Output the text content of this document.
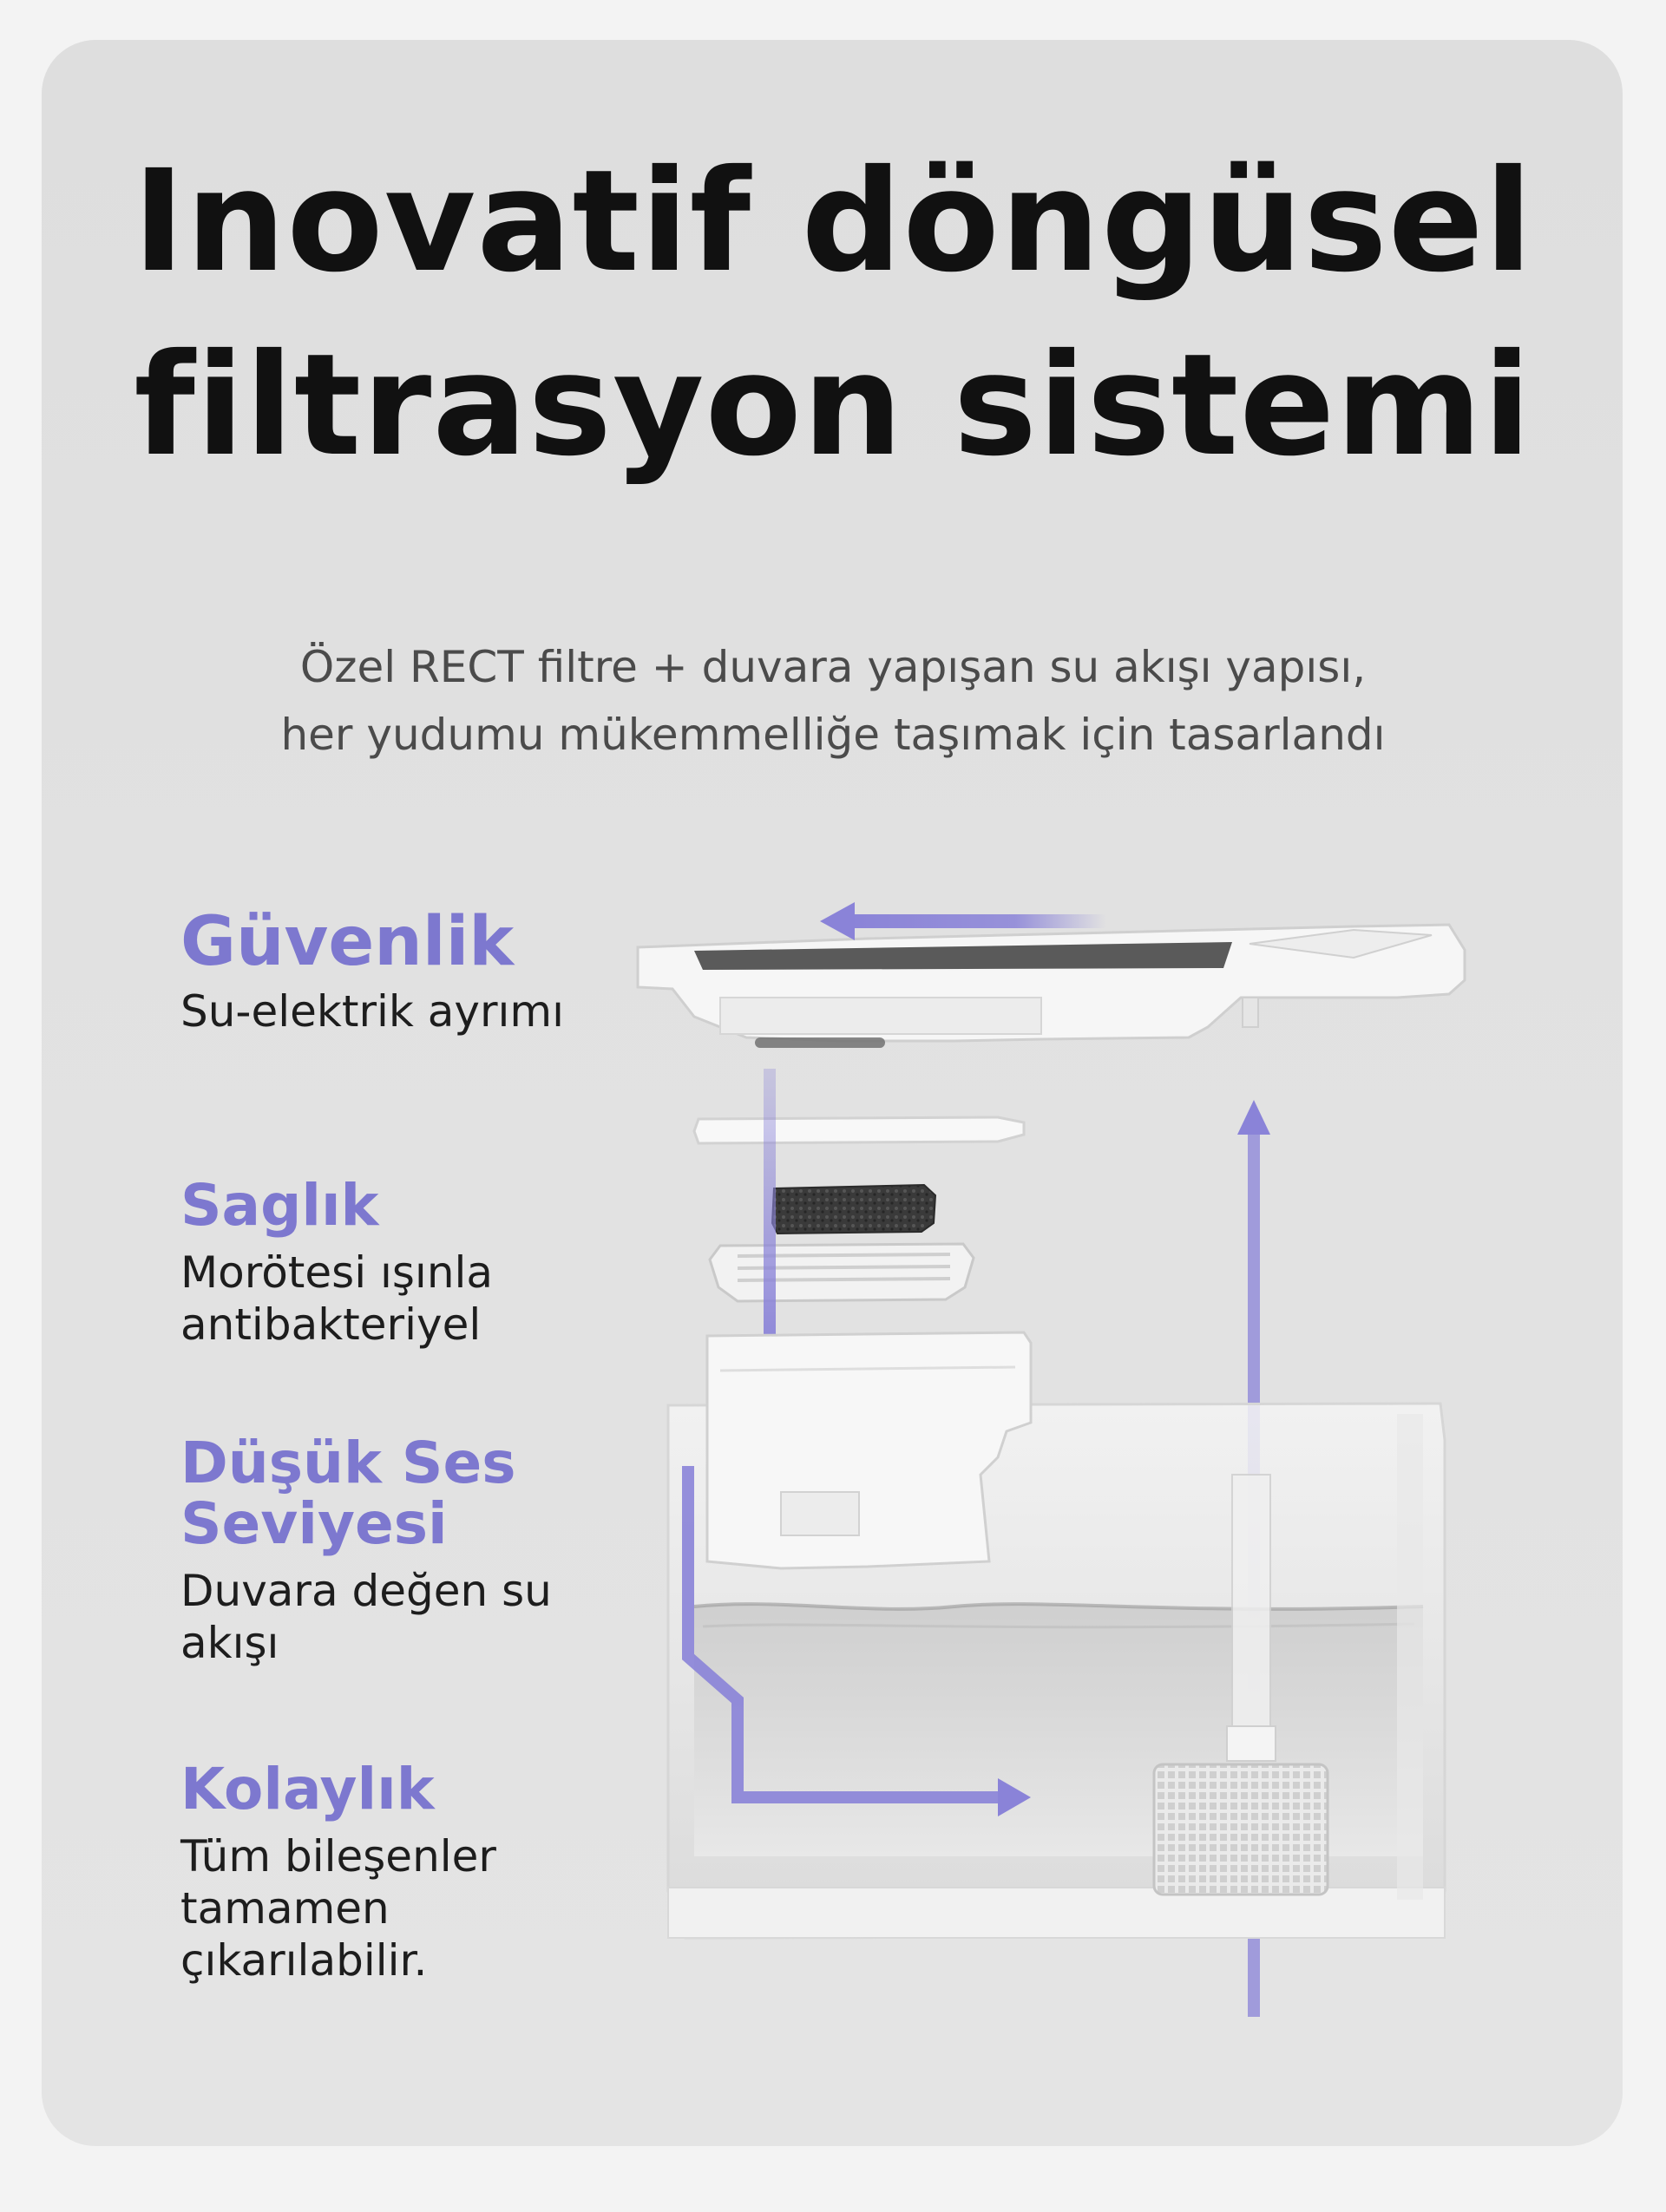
Inovatif döngüsel
filtrasyon sistemi

Özel RECT filtre + duvara yapışan su akışı yapısı,
her yudumu mükemmelliğe taşımak için tasarlandı

Güvenlik

Su-elektrik ayrımı

Saglık

Morötesi ışınla
antibakteriyel

Düşük Ses
Seviyesi

Duvara değen su
akışı

Kolaylık

Tüm bileşenler
tamamen
çıkarılabilir.
